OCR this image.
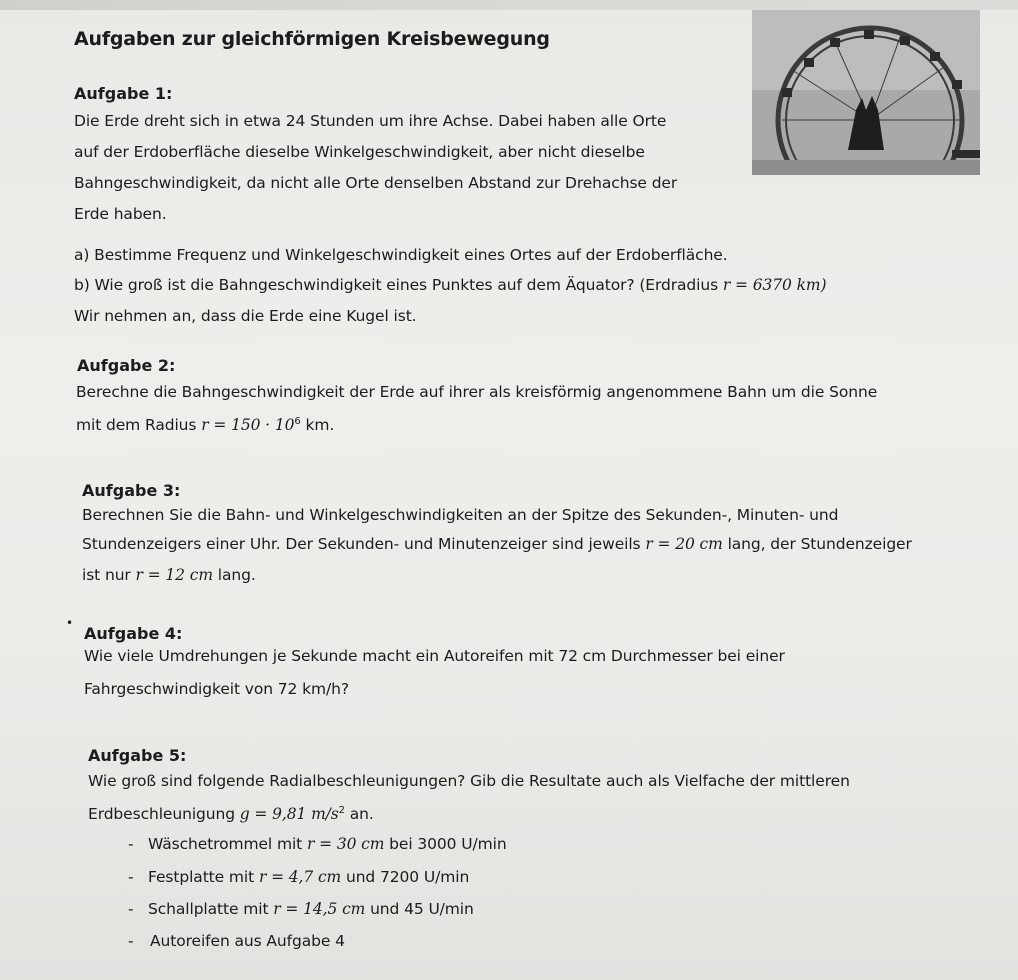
Aufgaben zur gleichförmigen Kreisbewegung
Aufgabe 1:
Die Erde dreht sich in etwa 24 Stunden um ihre Achse. Dabei haben alle Orte
auf der Erdoberfläche dieselbe Winkelgeschwindigkeit, aber nicht dieselbe
Bahngeschwindigkeit, da nicht alle Orte denselben Abstand zur Drehachse der
Erde haben.
a) Bestimme Frequenz und Winkelgeschwindigkeit eines Ortes auf der Erdoberfläche.
b) Wie groß ist die Bahngeschwindigkeit eines Punktes auf dem Äquator? (Erdradius r = 6370 km)
Wir nehmen an, dass die Erde eine Kugel ist.
Aufgabe 2:
Berechne die Bahngeschwindigkeit der Erde auf ihrer als kreisförmig angenommene Bahn um die Sonne
mit dem Radius $r = 150 \cdot 10^6$ km.
Aufgabe 3:
Berechnen Sie die Bahn- und Winkelgeschwindigkeiten an der Spitze des Sekunden-, Minuten- und
Stundenzeigers einer Uhr. Der Sekunden- und Minutenzeiger sind jeweils r = 20 cm lang, der Stundenzeiger
ist nur r = 12 cm lang.
•
Aufgabe 4:
Wie viele Umdrehungen je Sekunde macht ein Autoreifen mit 72 cm Durchmesser bei einer
Fahrgeschwindigkeit von 72 km/h?
Aufgabe 5:
Wie groß sind folgende Radialbeschleunigungen? Gib die Resultate auch als Vielfache der mittleren
Erdbeschleunigung g = 9,81 $m/s^2$ an.
- Wäschetrommel mit r = 30 cm bei 3000 U/min
- Festplatte mit r = 4,7 cm und 7200 U/min
- Schallplatte mit r = 14,5 cm und 45 U/min
- Autoreifen aus Aufgabe 4
